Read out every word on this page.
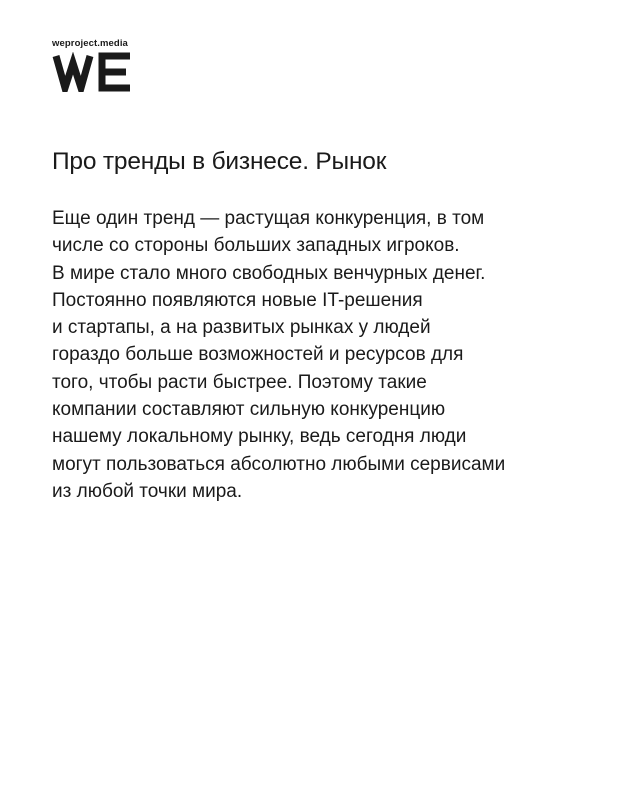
weproject.media
Про тренды в бизнесе. Рынок
Еще один тренд — растущая конкуренция, в том
числе со стороны больших западных игроков.
В мире стало много свободных венчурных денег.
Постоянно появляются новые IT-решения
и стартапы, а на развитых рынках у людей
гораздо больше возможностей и ресурсов для
того, чтобы расти быстрее. Поэтому такие
компании составляют сильную конкуренцию
нашему локальному рынку, ведь сегодня люди
могут пользоваться абсолютно любыми сервисами
из любой точки мира.
